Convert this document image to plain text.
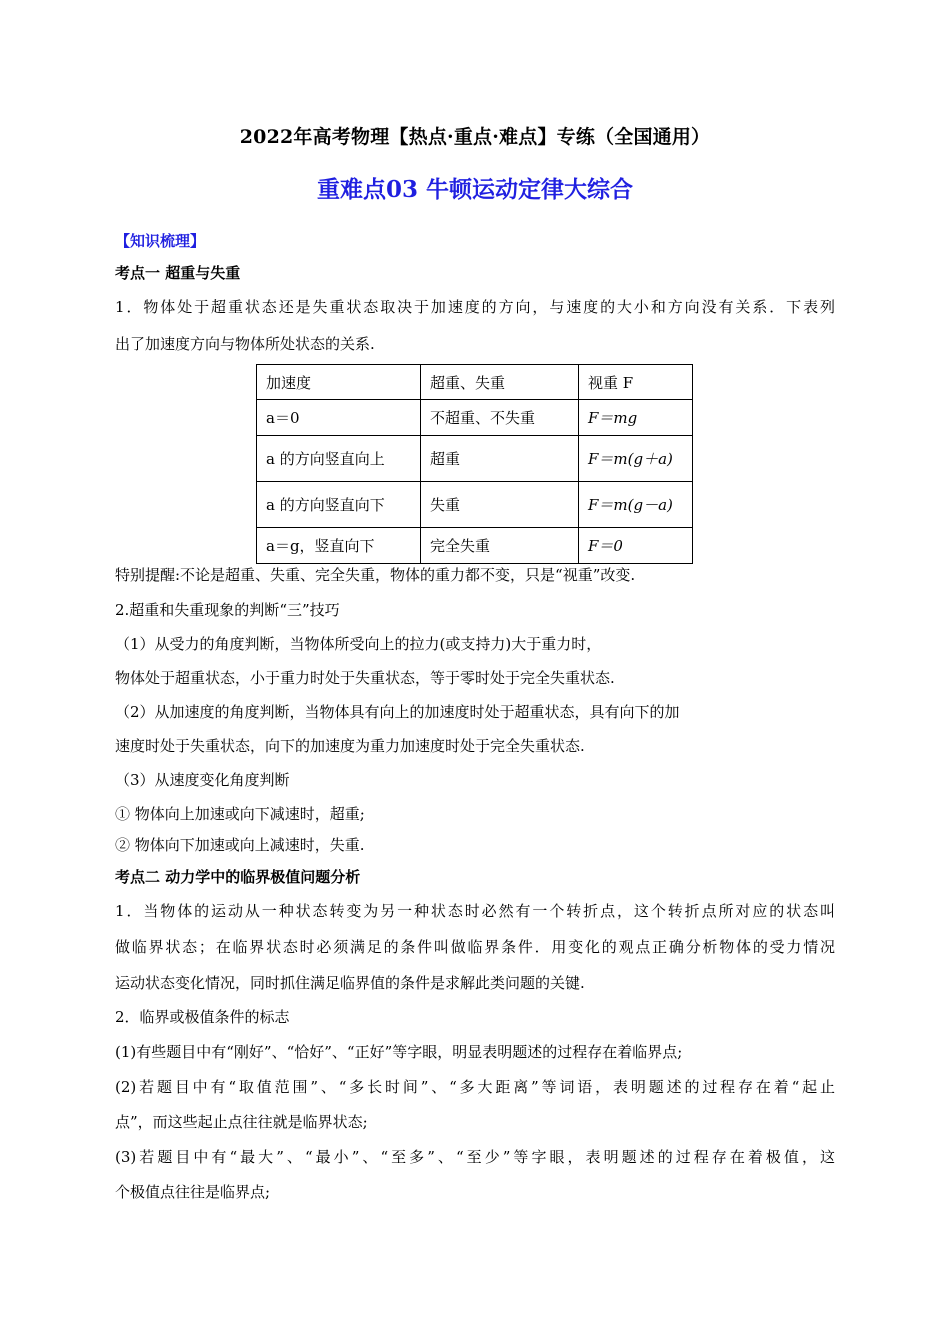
2022年高考物理【热点·重点·难点】专练（全国通用）
重难点03 牛顿运动定律大综合
【知识梳理】
考点一 超重与失重
1．物体处于超重状态还是失重状态取决于加速度的方向，与速度的大小和方向没有关系．下表列
出了加速度方向与物体所处状态的关系.
加速度	超重、失重	视重 F
a＝0	不超重、不失重	F＝mg
a 的方向竖直向上	超重	F＝m(g＋a)
a 的方向竖直向下	失重	F＝m(g－a)
a＝g，竖直向下	完全失重	F＝0
特别提醒:不论是超重、失重、完全失重，物体的重力都不变，只是“视重”改变.
2.超重和失重现象的判断“三”技巧
（1）从受力的角度判断，当物体所受向上的拉力(或支持力)大于重力时，
物体处于超重状态，小于重力时处于失重状态，等于零时处于完全失重状态.
（2）从加速度的角度判断，当物体具有向上的加速度时处于超重状态，具有向下的加
速度时处于失重状态，向下的加速度为重力加速度时处于完全失重状态.
（3）从速度变化角度判断
① 物体向上加速或向下减速时，超重;
② 物体向下加速或向上减速时，失重.
考点二 动力学中的临界极值问题分析
1．当物体的运动从一种状态转变为另一种状态时必然有一个转折点，这个转折点所对应的状态叫
做临界状态；在临界状态时必须满足的条件叫做临界条件．用变化的观点正确分析物体的受力情况
运动状态变化情况，同时抓住满足临界值的条件是求解此类问题的关键.
2．临界或极值条件的标志
(1)有些题目中有“刚好”、“恰好”、“正好”等字眼，明显表明题述的过程存在着临界点;
(2)若题目中有“取值范围”、“多长时间”、“多大距离”等词语，表明题述的过程存在着“起止
点”，而这些起止点往往就是临界状态;
(3)若题目中有“最大”、“最小”、“至多”、“至少”等字眼，表明题述的过程存在着极值，这
个极值点往往是临界点;
